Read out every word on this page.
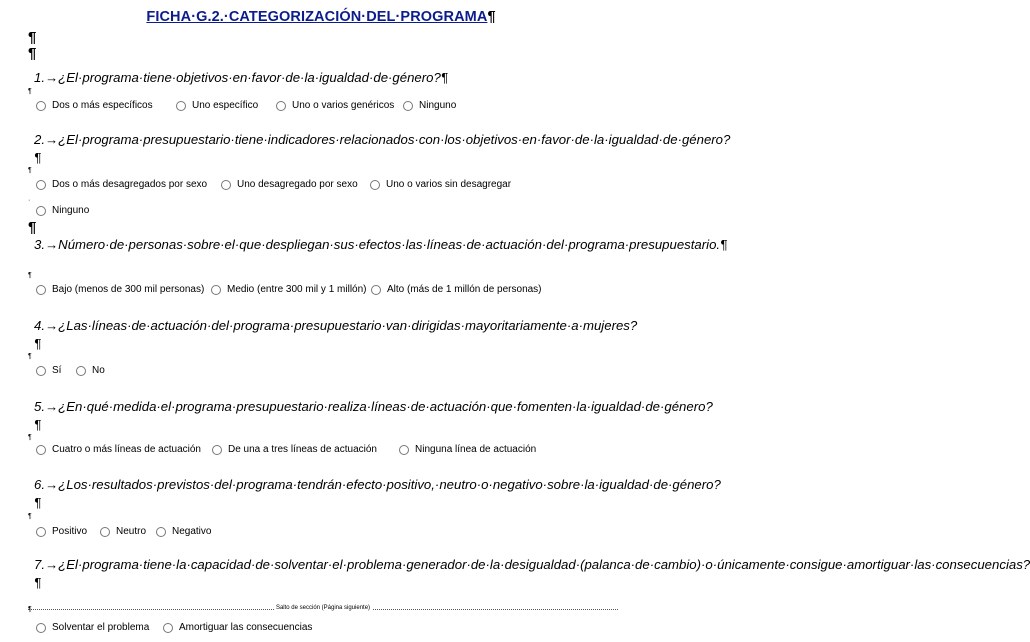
FICHA·G.2.·CATEGORIZACIÓN·DEL·PROGRAMA¶
¶
¶
1.→¿El·programa·tiene·objetivos·en·favor·de·la·igualdad·de·género?¶
¶
Dos o más específicos	Uno específico	Uno o varios genéricos Ninguno
2.→¿El·programa·presupuestario·tiene·indicadores·relacionados·con·los·objetivos·en·favor·de·la·igualdad·de·género?¶
¶
Dos o más desagregados por sexo	Uno desagregado por sexo	Uno o varios sin desagregar
·
Ninguno
¶
3.→Número·de·personas·sobre·el·que·despliegan·sus·efectos·las·líneas·de·actuación·del·programa·presupuestario.¶
¶
Bajo (menos de 300 mil personas) Medio (entre 300 mil y 1 millón) Alto (más de 1 millón de personas)
4.→¿Las·líneas·de·actuación·del·programa·presupuestario·van·dirigidas·mayoritariamente·a·mujeres?¶
¶
Sí	No
5.→¿En·qué·medida·el·programa·presupuestario·realiza·líneas·de·actuación·que·fomenten·la·igualdad·de·género?¶
¶
Cuatro o más líneas de actuación	De una a tres líneas de actuación	Ninguna línea de actuación
6.→¿Los·resultados·previstos·del·programa·tendrán·efecto·positivo,·neutro·o·negativo·sobre·la·igualdad·de·género?¶
¶
Positivo	Neutro	Negativo
7.→¿El·programa·tiene·la·capacidad·de·solventar·el·problema·generador·de·la·desigualdad·(palanca·de·cambio)·o·únicamente·consigue·amortiguar·las·consecuencias?¶
Salto de sección (Página siguiente)
¶
Solventar el problema	Amortiguar las consecuencias
